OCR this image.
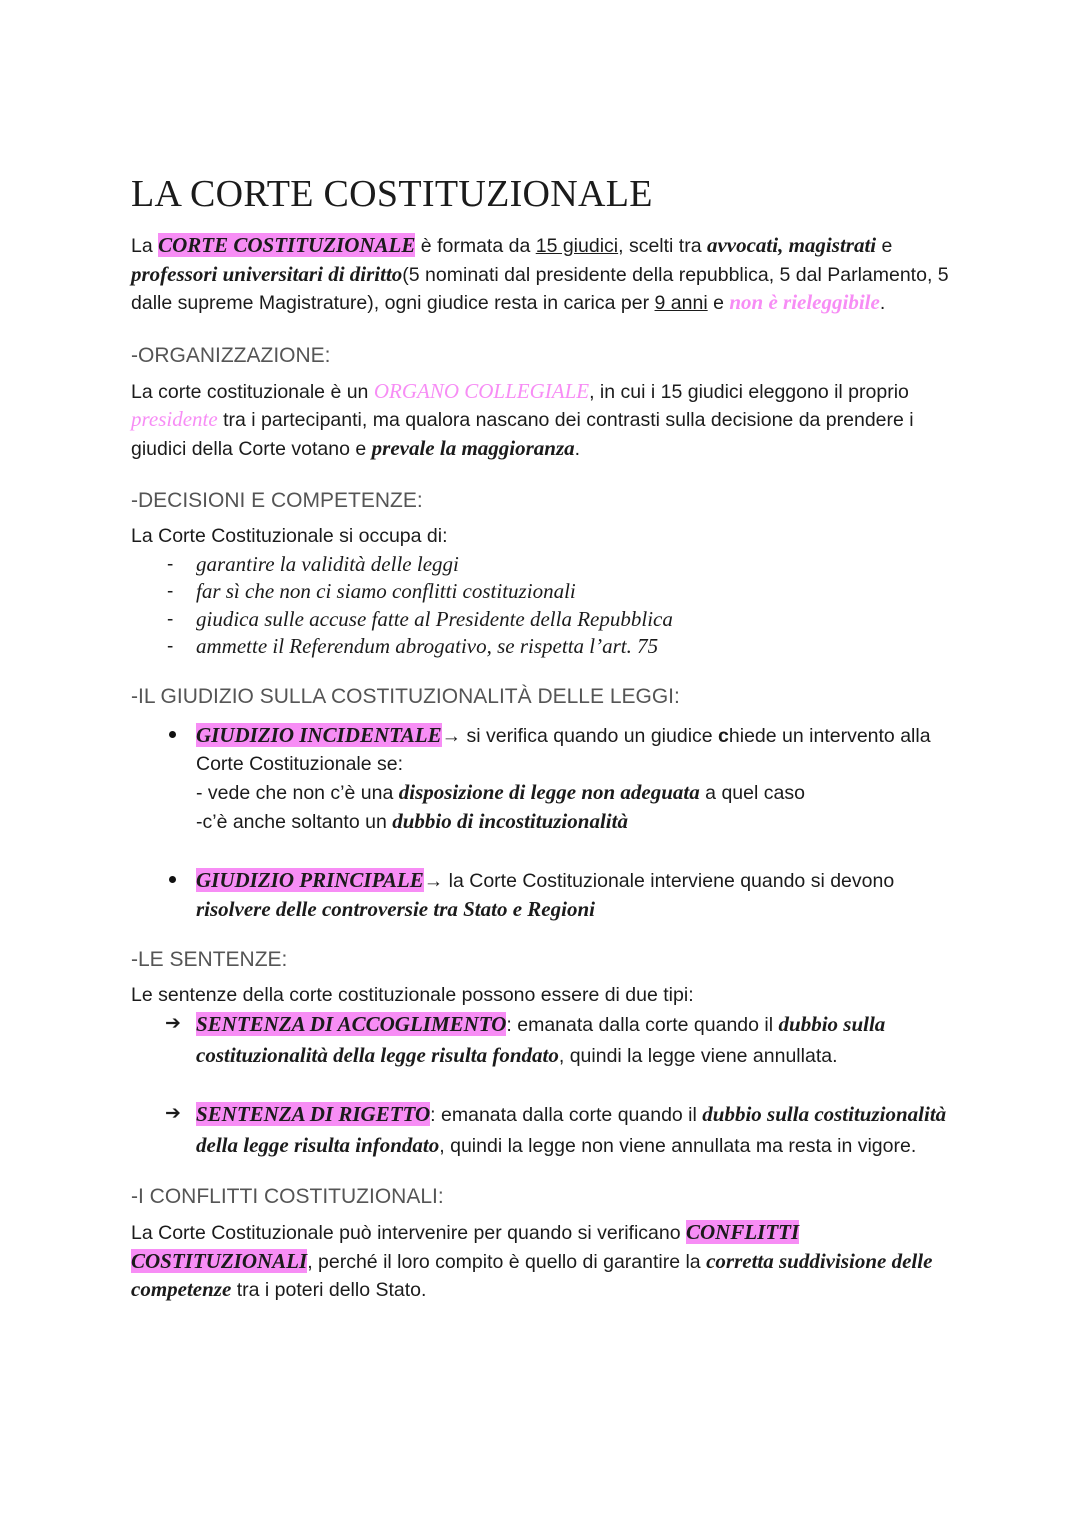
LA CORTE COSTITUZIONALE

La CORTE COSTITUZIONALE è formata da 15 giudici, scelti tra avvocati, magistrati e professori universitari di diritto(5 nominati dal presidente della repubblica, 5 dal Parlamento, 5 dalle supreme Magistrature), ogni giudice resta in carica per 9 anni e non è rieleggibile.

-ORGANIZZAZIONE:

La corte costituzionale è un ORGANO COLLEGIALE, in cui i 15 giudici eleggono il proprio presidente tra i partecipanti, ma qualora nascano dei contrasti sulla decisione da prendere i giudici della Corte votano e prevale la maggioranza.

-DECISIONI E COMPETENZE:

La Corte Costituzionale si occupa di:

- garantire la validità delle leggi
- far sì che non ci siamo conflitti costituzionali
- giudica sulle accuse fatte al Presidente della Repubblica
- ammette il Referendum abrogativo, se rispetta l’art. 75
-IL GIUDIZIO SULLA COSTITUZIONALITÀ DELLE LEGGI:

GIUDIZIO INCIDENTALE→ si verifica quando un giudice chiede un intervento alla Corte Costituzionale se:

- vede che non c’è una disposizione di legge non adeguata a quel caso

-c’è anche soltanto un dubbio di incostituzionalità

GIUDIZIO PRINCIPALE→ la Corte Costituzionale interviene quando si devono risolvere delle controversie tra Stato e Regioni

-LE SENTENZE:

Le sentenze della corte costituzionale possono essere di due tipi:

➔ SENTENZA DI ACCOGLIMENTO: emanata dalla corte quando il dubbio sulla costituzionalità della legge risulta fondato, quindi la legge viene annullata.

➔ SENTENZA DI RIGETTO: emanata dalla corte quando il dubbio sulla costituzionalità della legge risulta infondato, quindi la legge non viene annullata ma resta in vigore.

-I CONFLITTI COSTITUZIONALI:

La Corte Costituzionale può intervenire per quando si verificano CONFLITTI COSTITUZIONALI, perché il loro compito è quello di garantire la corretta suddivisione delle competenze tra i poteri dello Stato.
